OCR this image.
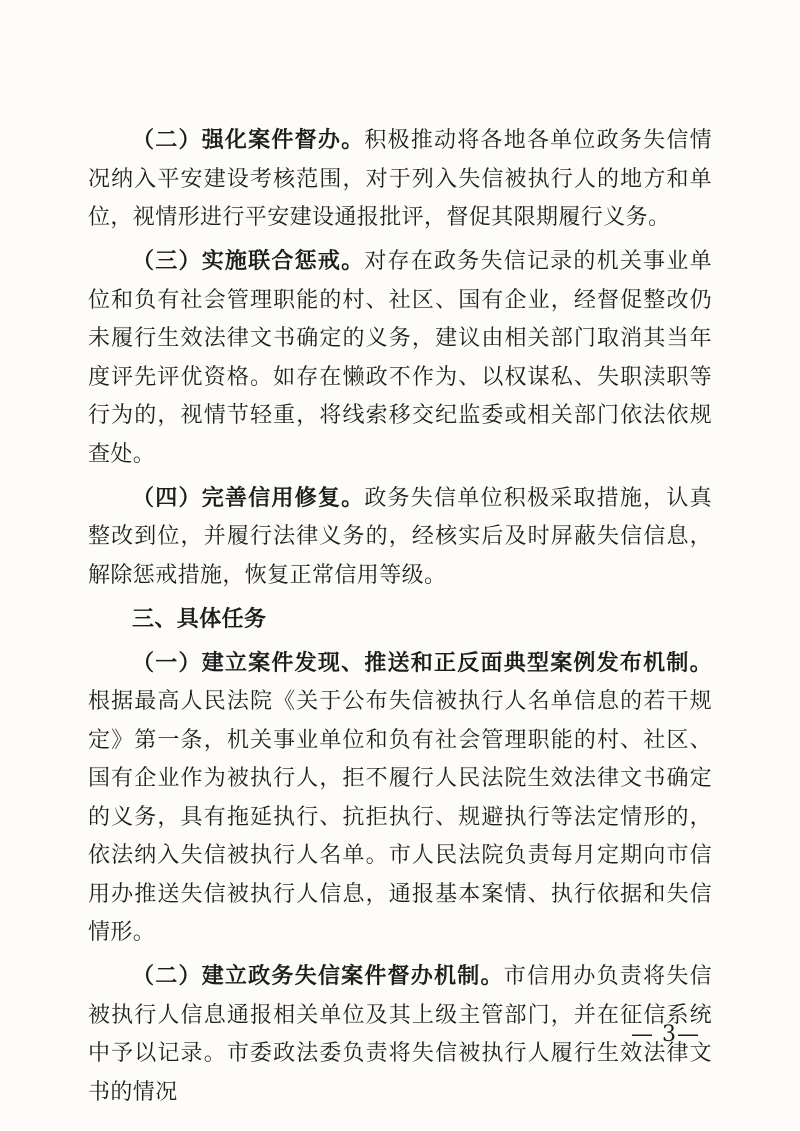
（二）强化案件督办。积极推动将各地各单位政务失信情况纳入平安建设考核范围，对于列入失信被执行人的地方和单位，视情形进行平安建设通报批评，督促其限期履行义务。

（三）实施联合惩戒。对存在政务失信记录的机关事业单位和负有社会管理职能的村、社区、国有企业，经督促整改仍未履行生效法律文书确定的义务，建议由相关部门取消其当年度评先评优资格。如存在懒政不作为、以权谋私、失职渎职等行为的，视情节轻重，将线索移交纪监委或相关部门依法依规查处。

（四）完善信用修复。政务失信单位积极采取措施，认真整改到位，并履行法律义务的，经核实后及时屏蔽失信信息，解除惩戒措施，恢复正常信用等级。

三、具体任务

（一）建立案件发现、推送和正反面典型案例发布机制。根据最高人民法院《关于公布失信被执行人名单信息的若干规定》第一条，机关事业单位和负有社会管理职能的村、社区、国有企业作为被执行人，拒不履行人民法院生效法律文书确定的义务，具有拖延执行、抗拒执行、规避执行等法定情形的，依法纳入失信被执行人名单。市人民法院负责每月定期向市信用办推送失信被执行人信息，通报基本案情、执行依据和失信情形。

（二）建立政务失信案件督办机制。市信用办负责将失信被执行人信息通报相关单位及其上级主管部门，并在征信系统中予以记录。市委政法委负责将失信被执行人履行生效法律文书的情况

— 3—
